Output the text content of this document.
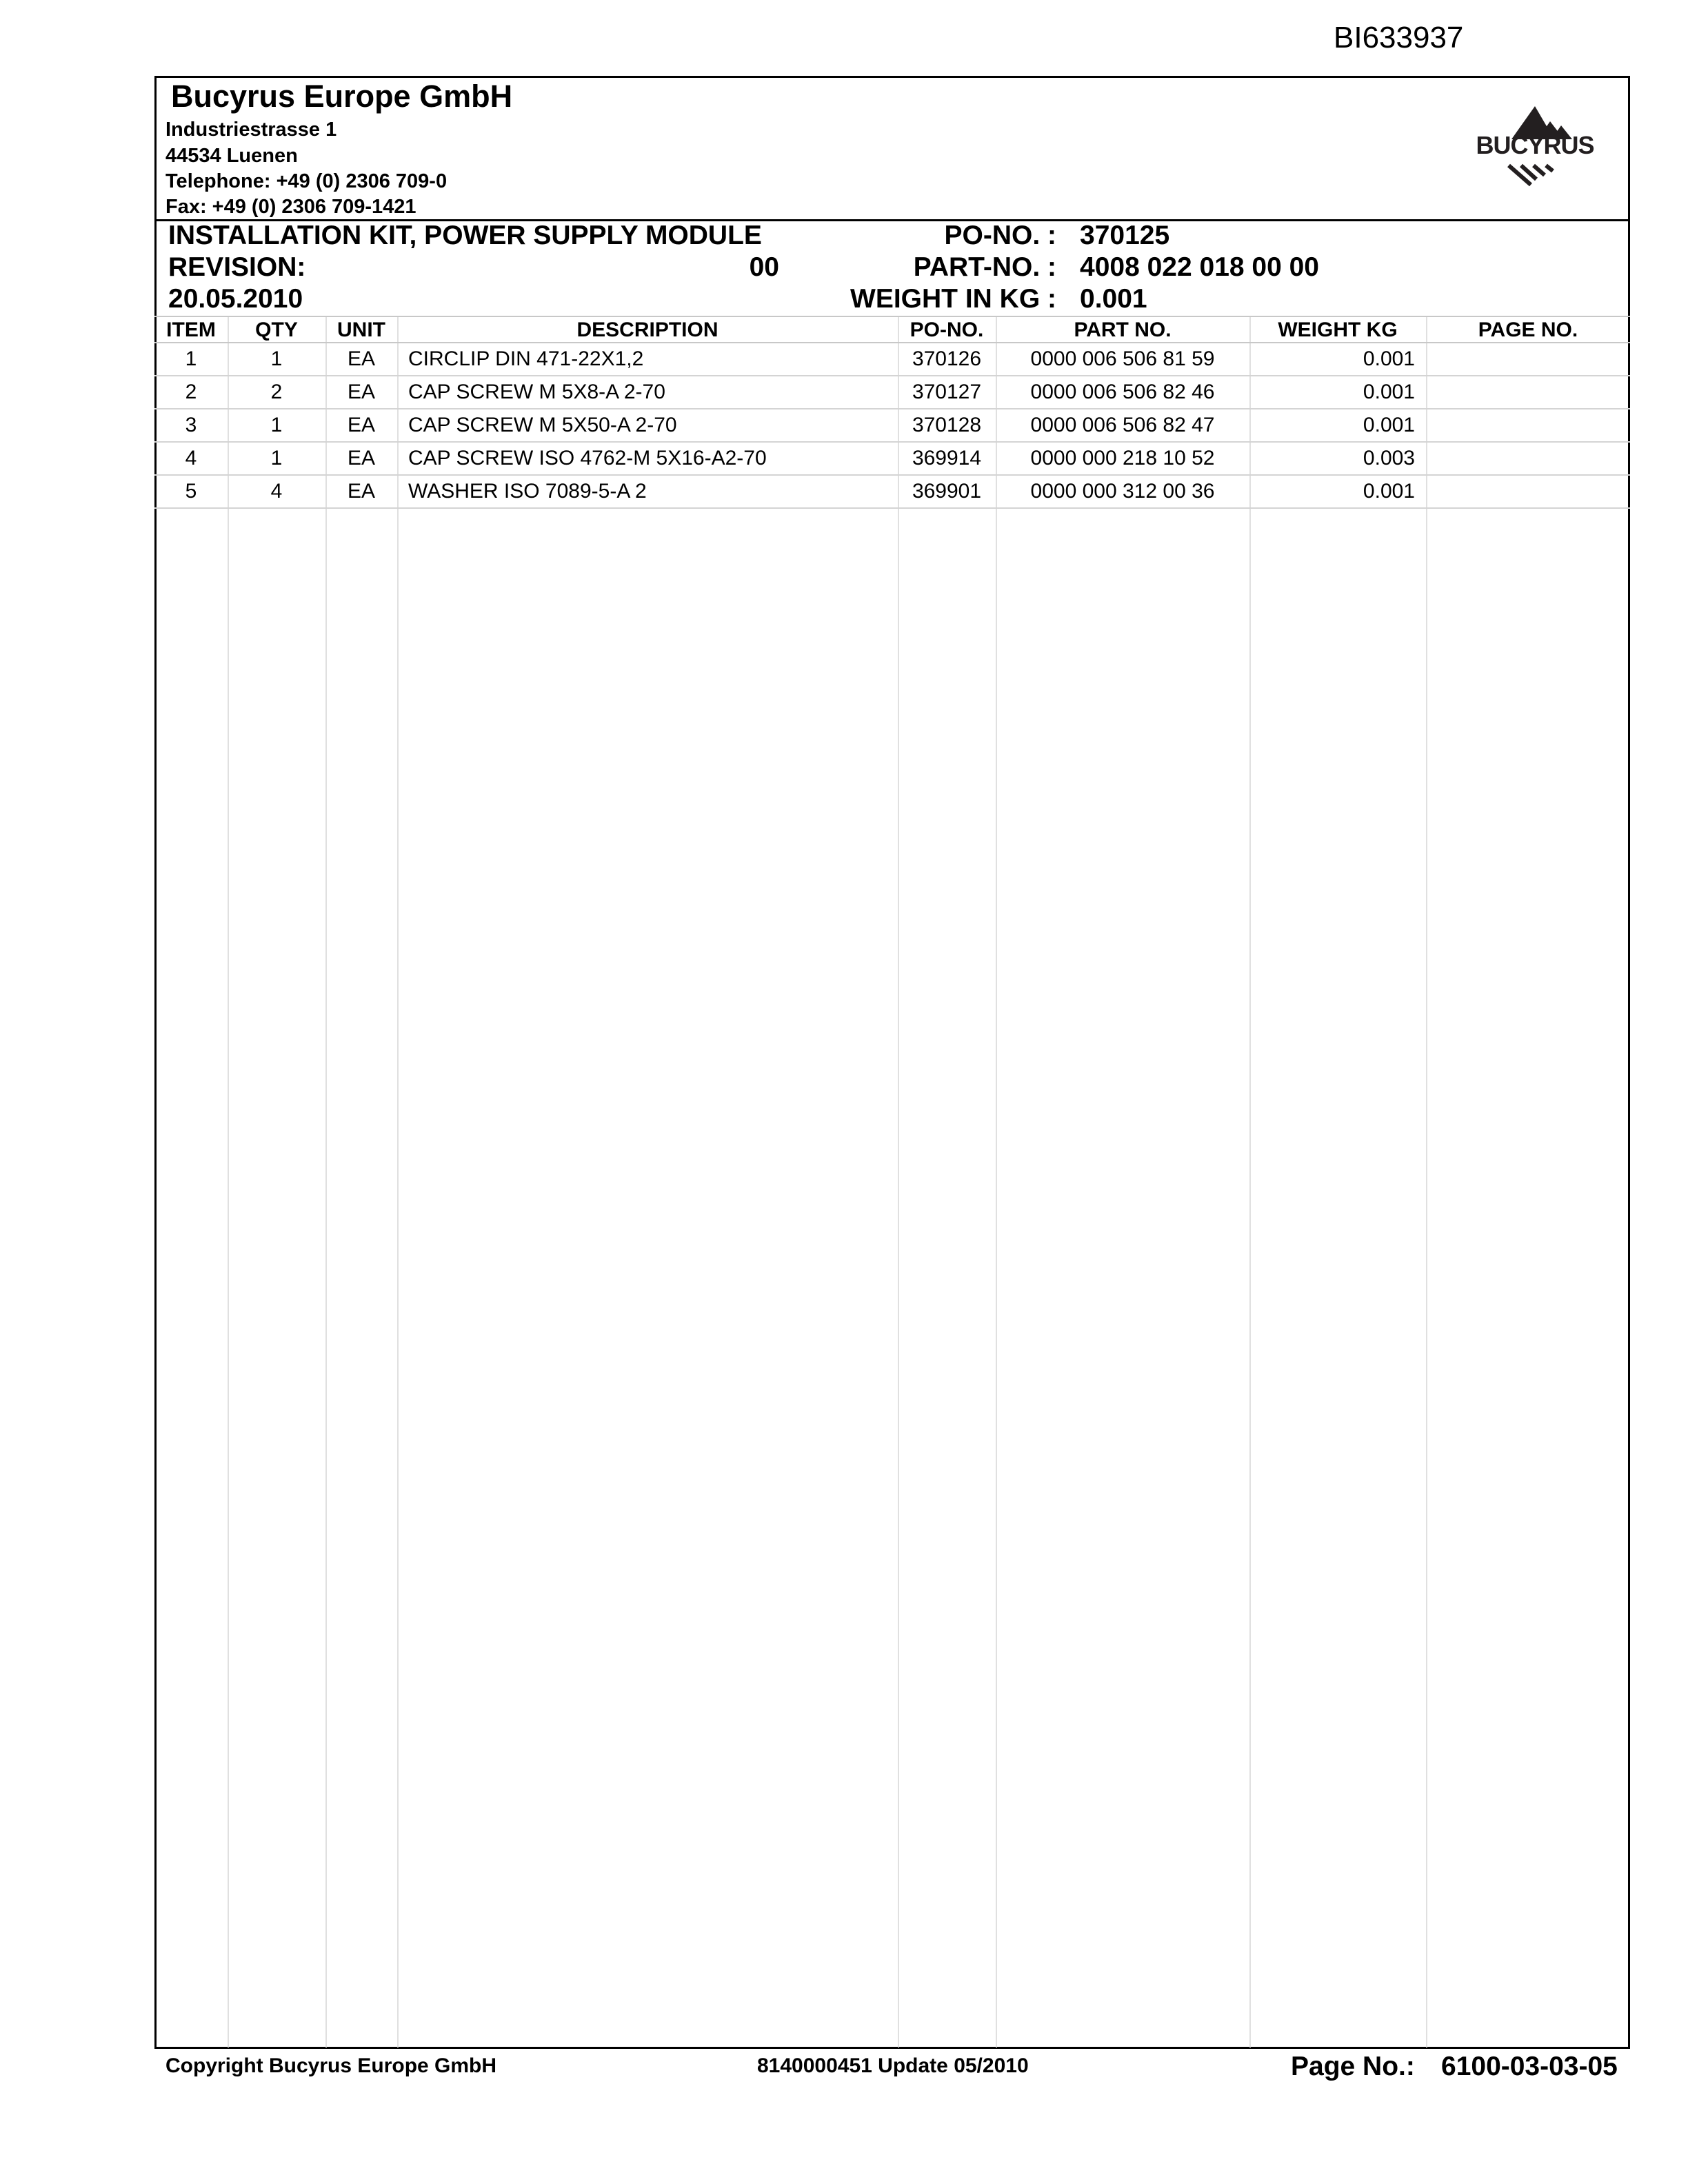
BI633937
Bucyrus Europe GmbH
Industriestrasse 1
44534 Luenen
Telephone: +49 (0) 2306 709-0
Fax: +49 (0) 2306 709-1421
BUCYRUS
INSTALLATION KIT, POWER SUPPLY MODULE
REVISION:	00
20.05.2010
PO-NO. : 370125
PART-NO. : 4008 022 018 00 00
WEIGHT IN KG : 0.001
ITEM	QTY	UNIT	DESCRIPTION	PO-NO.	PART NO.	WEIGHT KG	PAGE NO.
1	1	EA	CIRCLIP DIN 471-22X1,2	370126	0000 006 506 81 59	0.001
2	2	EA	CAP SCREW M 5X8-A 2-70	370127	0000 006 506 82 46	0.001
3	1	EA	CAP SCREW M 5X50-A 2-70	370128	0000 006 506 82 47	0.001
4	1	EA	CAP SCREW ISO 4762-M 5X16-A2-70	369914	0000 000 218 10 52	0.003
5	4	EA	WASHER ISO 7089-5-A 2	369901	0000 000 312 00 36	0.001
Copyright Bucyrus Europe GmbH	8140000451 Update 05/2010	Page No.: 6100-03-03-05
